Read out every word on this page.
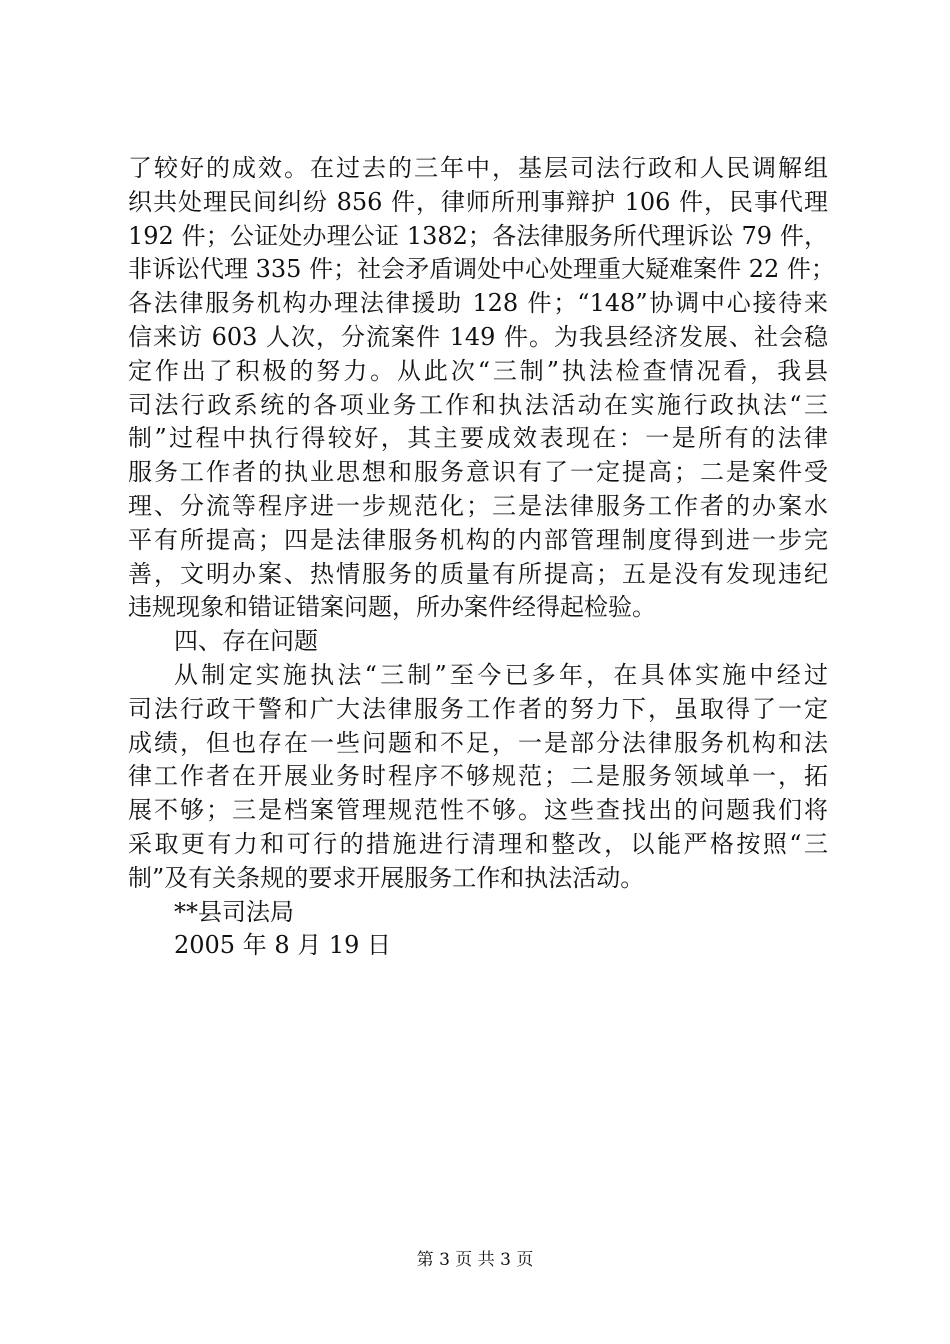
了较好的成效。在过去的三年中，基层司法行政和人民调解组
织共处理民间纠纷 856 件，律师所刑事辩护 106 件，民事代理
192 件；公证处办理公证 1382；各法律服务所代理诉讼 79 件，
非诉讼代理 335 件；社会矛盾调处中心处理重大疑难案件 22 件；
各法律服务机构办理法律援助 128 件；“148”协调中心接待来
信来访 603 人次，分流案件 149 件。为我县经济发展、社会稳
定作出了积极的努力。从此次“三制”执法检查情况看，我县
司法行政系统的各项业务工作和执法活动在实施行政执法“三
制”过程中执行得较好，其主要成效表现在：一是所有的法律
服务工作者的执业思想和服务意识有了一定提高；二是案件受
理、分流等程序进一步规范化；三是法律服务工作者的办案水
平有所提高；四是法律服务机构的内部管理制度得到进一步完
善，文明办案、热情服务的质量有所提高；五是没有发现违纪
违规现象和错证错案问题，所办案件经得起检验。
四、存在问题
从制定实施执法“三制”至今已多年，在具体实施中经过
司法行政干警和广大法律服务工作者的努力下，虽取得了一定
成绩，但也存在一些问题和不足，一是部分法律服务机构和法
律工作者在开展业务时程序不够规范；二是服务领域单一，拓
展不够；三是档案管理规范性不够。这些查找出的问题我们将
采取更有力和可行的措施进行清理和整改，以能严格按照“三
制”及有关条规的要求开展服务工作和执法活动。
**县司法局
2005 年 8 月 19 日
第 3 页 共 3 页
